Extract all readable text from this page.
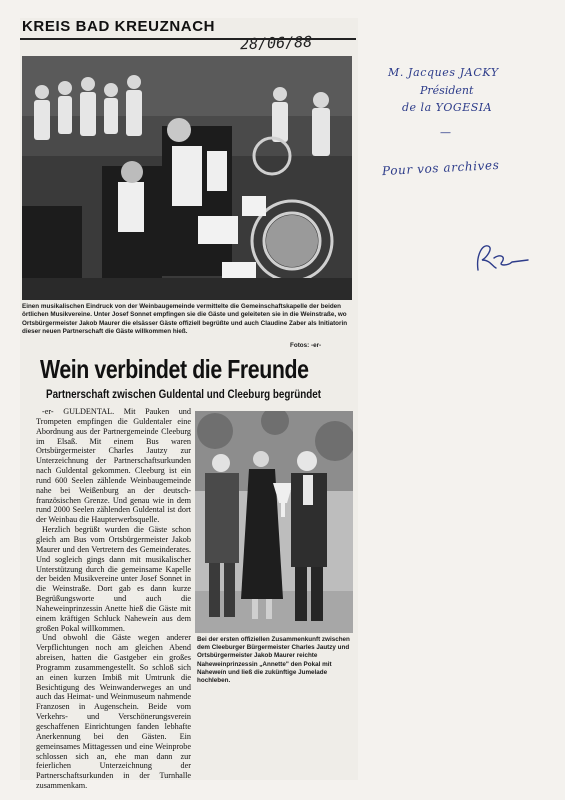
KREIS BAD KREUZNACH
28/06/88
Einen musikalischen Eindruck von der Weinbaugemeinde vermittelte die Gemeinschaftskapelle der beiden örtlichen Musikvereine. Unter Josef Sonnet empfingen sie die Gäste und geleiteten sie in die Weinstraße, wo Ortsbürgermeister Jakob Maurer die elsässer Gäste offiziell begrüßte und auch Claudine Zaber als Initiatorin dieser neuen Partnerschaft die Gäste willkommen hieß.
Fotos: -er-
Wein verbindet die Freunde
Partnerschaft zwischen Guldental und Cleeburg begründet

-er- GULDENTAL. Mit Pauken und Trompeten empfingen die Guldentaler eine Abordnung aus der Partnergemeinde Cleeburg im Elsaß. Mit einem Bus waren Ortsbürgermeister Charles Jautzy zur Unterzeichnung der Partnerschaftsurkunden nach Guldental gekommen. Cleeburg ist ein rund 600 Seelen zählende Weinbaugemeinde nahe bei Weißenburg an der deutsch-französischen Grenze. Und genau wie in dem rund 2000 Seelen zählenden Guldental ist dort der Weinbau die Haupterwerbsquelle.

Herzlich begrüßt wurden die Gäste schon gleich am Bus vom Ortsbürgermeister Jakob Maurer und den Vertretern des Gemeinderates. Und sogleich gings dann mit musikalischer Unterstützung durch die gemeinsame Kapelle der beiden Musikvereine unter Josef Sonnet in die Weinstraße. Dort gab es dann kurze Begrüßungsworte und auch die Naheweinprinzessin Anette hieß die Gäste mit einem kräftigen Schluck Naheweín aus dem großen Pokal willkommen.

Und obwohl die Gäste wegen anderer Verpflichtungen noch am gleichen Abend abreisen, hatten die Gastgeber ein großes Programm zusammengestellt. So schloß sich an einen kurzen Imbiß mit Umtrunk die Besichtigung des Weinwanderweges an und auch das Heimat- und Weinmuseum nahmende Franzosen in Augenschein. Beide vom Verkehrs- und Verschönerungsverein geschaffenen Einrichtungen fanden lebhafte Anerkennung bei den Gästen. Ein gemeinsames Mittagessen und eine Weinprobe schlossen sich an, ehe man dann zur feierlichen Unterzeichnung der Partnerschaftsurkunden in der Turnhalle zusammenkam.

Bei der ersten offiziellen Zusammenkunft zwischen dem Cleeburger Bürgermeister Charles Jautzy und Ortsbürgermeister Jakob Maurer reichte Naheweinprinzessin „Annette" den Pokal mit Naheweín und ließ die zukünftige Jumelade hochleben.
M. Jacques JACKY
Président
de la YOGESIA
—
Pour vos archives
